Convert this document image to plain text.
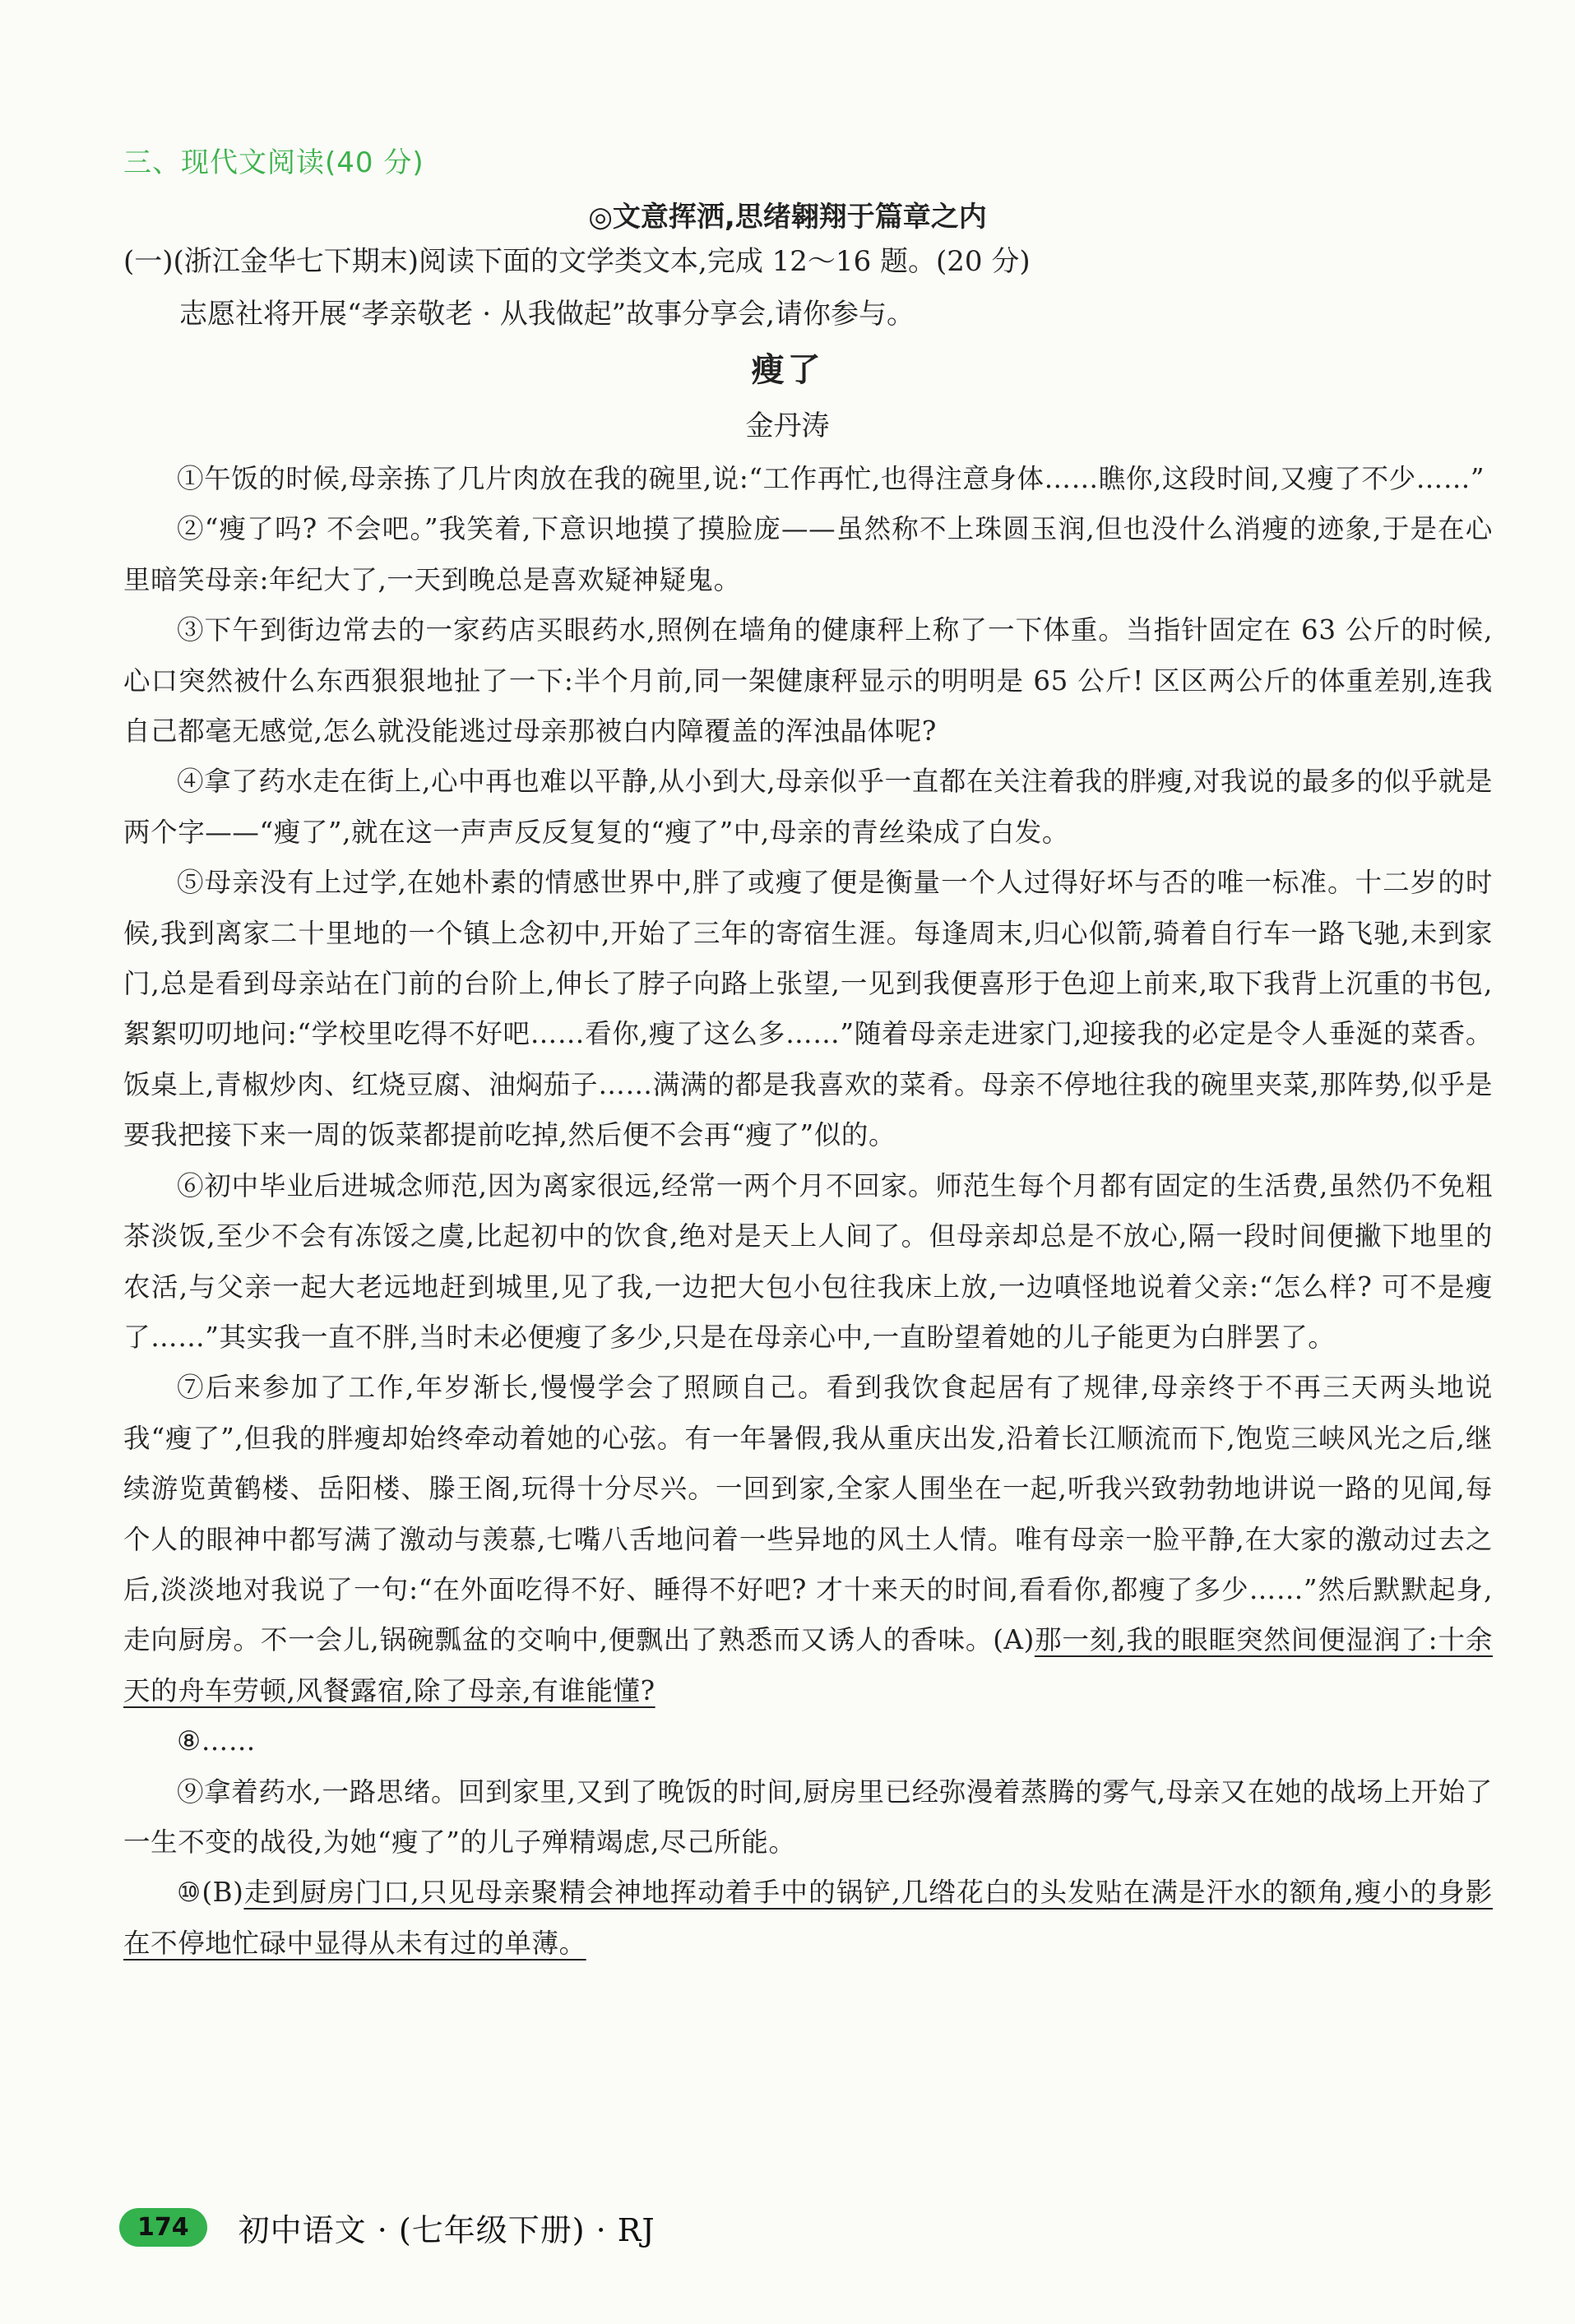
三、现代文阅读(40 分)
◎文意挥洒,思绪翱翔于篇章之内
(一)(浙江金华七下期末)阅读下面的文学类文本,完成 12～16 题。(20 分)
志愿社将开展“孝亲敬老 · 从我做起”故事分享会,请你参与。
瘦了
金丹涛

①午饭的时候,母亲拣了几片肉放在我的碗里,说:“工作再忙,也得注意身体……瞧你,这段时间,又瘦了不少……”

②“瘦了吗? 不会吧。”我笑着,下意识地摸了摸脸庞——虽然称不上珠圆玉润,但也没什么消瘦的迹象,于是在心里暗笑母亲:年纪大了,一天到晚总是喜欢疑神疑鬼。

③下午到街边常去的一家药店买眼药水,照例在墙角的健康秤上称了一下体重。当指针固定在 63 公斤的时候,心口突然被什么东西狠狠地扯了一下:半个月前,同一架健康秤显示的明明是 65 公斤! 区区两公斤的体重差别,连我自己都毫无感觉,怎么就没能逃过母亲那被白内障覆盖的浑浊晶体呢?

④拿了药水走在街上,心中再也难以平静,从小到大,母亲似乎一直都在关注着我的胖瘦,对我说的最多的似乎就是两个字——“瘦了”,就在这一声声反反复复的“瘦了”中,母亲的青丝染成了白发。

⑤母亲没有上过学,在她朴素的情感世界中,胖了或瘦了便是衡量一个人过得好坏与否的唯一标准。十二岁的时候,我到离家二十里地的一个镇上念初中,开始了三年的寄宿生涯。每逢周末,归心似箭,骑着自行车一路飞驰,未到家门,总是看到母亲站在门前的台阶上,伸长了脖子向路上张望,一见到我便喜形于色迎上前来,取下我背上沉重的书包,絮絮叨叨地问:“学校里吃得不好吧……看你,瘦了这么多……”随着母亲走进家门,迎接我的必定是令人垂涎的菜香。饭桌上,青椒炒肉、红烧豆腐、油焖茄子……满满的都是我喜欢的菜肴。母亲不停地往我的碗里夹菜,那阵势,似乎是要我把接下来一周的饭菜都提前吃掉,然后便不会再“瘦了”似的。

⑥初中毕业后进城念师范,因为离家很远,经常一两个月不回家。师范生每个月都有固定的生活费,虽然仍不免粗茶淡饭,至少不会有冻馁之虞,比起初中的饮食,绝对是天上人间了。但母亲却总是不放心,隔一段时间便撇下地里的农活,与父亲一起大老远地赶到城里,见了我,一边把大包小包往我床上放,一边嗔怪地说着父亲:“怎么样? 可不是瘦了……”其实我一直不胖,当时未必便瘦了多少,只是在母亲心中,一直盼望着她的儿子能更为白胖罢了。

⑦后来参加了工作,年岁渐长,慢慢学会了照顾自己。看到我饮食起居有了规律,母亲终于不再三天两头地说我“瘦了”,但我的胖瘦却始终牵动着她的心弦。有一年暑假,我从重庆出发,沿着长江顺流而下,饱览三峡风光之后,继续游览黄鹤楼、岳阳楼、滕王阁,玩得十分尽兴。一回到家,全家人围坐在一起,听我兴致勃勃地讲说一路的见闻,每个人的眼神中都写满了激动与羡慕,七嘴八舌地问着一些异地的风土人情。唯有母亲一脸平静,在大家的激动过去之后,淡淡地对我说了一句:“在外面吃得不好、睡得不好吧? 才十来天的时间,看看你,都瘦了多少……”然后默默起身,走向厨房。不一会儿,锅碗瓢盆的交响中,便飘出了熟悉而又诱人的香味。(A)那一刻,我的眼眶突然间便湿润了:十余天的舟车劳顿,风餐露宿,除了母亲,有谁能懂?

⑧……

⑨拿着药水,一路思绪。回到家里,又到了晚饭的时间,厨房里已经弥漫着蒸腾的雾气,母亲又在她的战场上开始了一生不变的战役,为她“瘦了”的儿子殚精竭虑,尽己所能。

⑩(B)走到厨房门口,只见母亲聚精会神地挥动着手中的锅铲,几绺花白的头发贴在满是汗水的额角,瘦小的身影在不停地忙碌中显得从未有过的单薄。

174	初中语文 · (七年级下册) · RJ
